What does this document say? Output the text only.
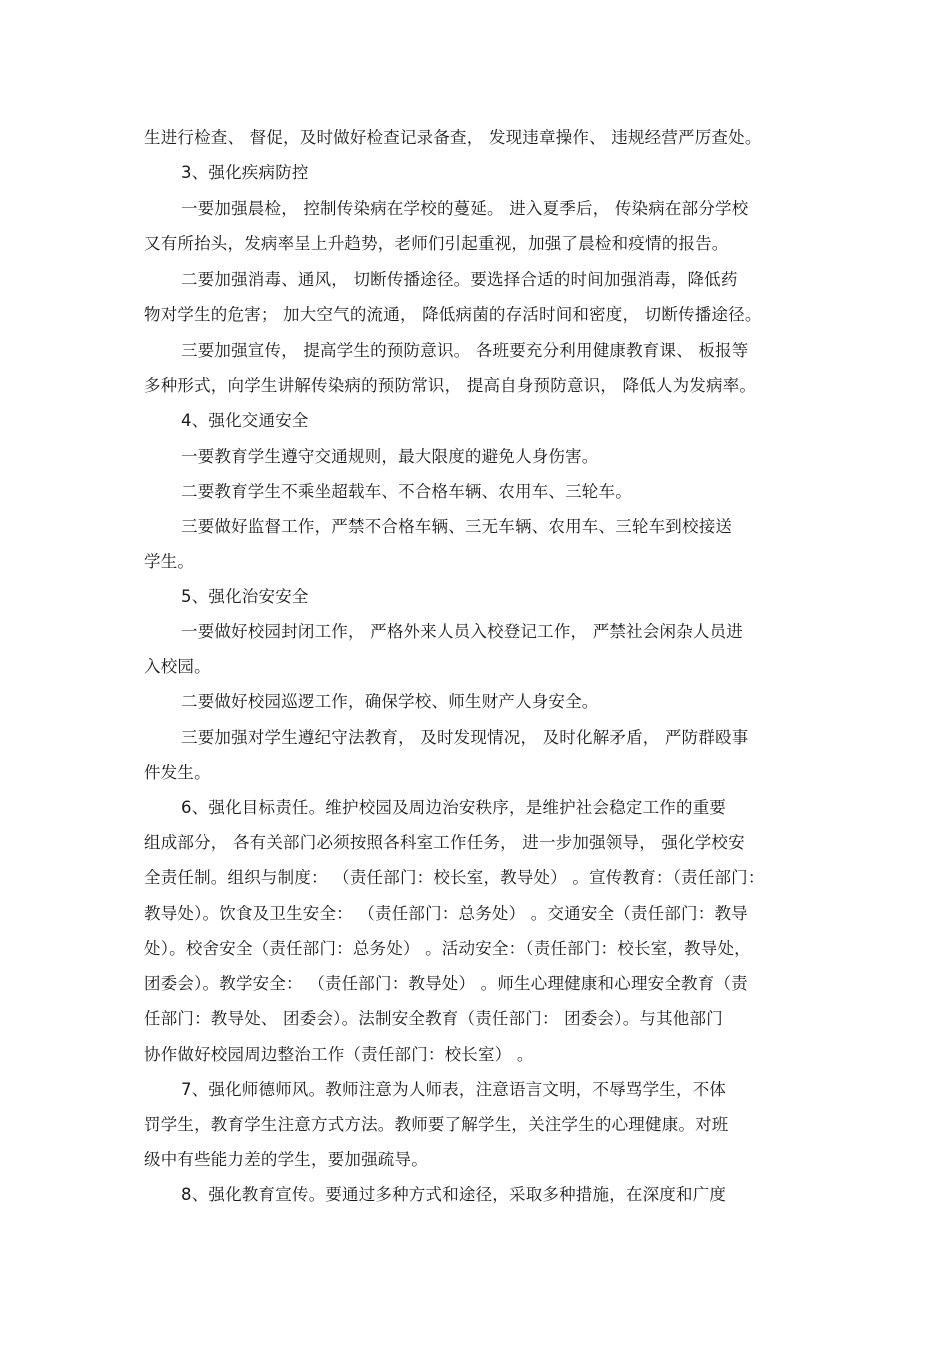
生进行检查、 督促，及时做好检查记录备查， 发现违章操作、 违规经营严厉查处。
3、强化疾病防控
一要加强晨检， 控制传染病在学校的蔓延。 进入夏季后， 传染病在部分学校
又有所抬头，发病率呈上升趋势，老师们引起重视，加强了晨检和疫情的报告。
二要加强消毒、通风， 切断传播途径。要选择合适的时间加强消毒，降低药
物对学生的危害； 加大空气的流通， 降低病菌的存活时间和密度， 切断传播途径。
三要加强宣传， 提高学生的预防意识。 各班要充分利用健康教育课、 板报等
多种形式，向学生讲解传染病的预防常识， 提高自身预防意识， 降低人为发病率。
4、强化交通安全
一要教育学生遵守交通规则，最大限度的避免人身伤害。
二要教育学生不乘坐超载车、不合格车辆、农用车、三轮车。
三要做好监督工作，严禁不合格车辆、三无车辆、农用车、三轮车到校接送
学生。
5、强化治安安全
一要做好校园封闭工作， 严格外来人员入校登记工作， 严禁社会闲杂人员进
入校园。
二要做好校园巡逻工作，确保学校、师生财产人身安全。
三要加强对学生遵纪守法教育， 及时发现情况， 及时化解矛盾， 严防群殴事
件发生。
6、强化目标责任。维护校园及周边治安秩序，是维护社会稳定工作的重要
组成部分， 各有关部门必须按照各科室工作任务， 进一步加强领导， 强化学校安
全责任制。组织与制度： （责任部门：校长室，教导处） 。宣传教育：（责任部门：
教导处）。饮食及卫生安全： （责任部门：总务处） 。交通安全（责任部门：教导
处）。校舍安全（责任部门：总务处） 。活动安全：（责任部门：校长室，教导处，
团委会）。教学安全： （责任部门：教导处） 。师生心理健康和心理安全教育（责
任部门：教导处、 团委会）。法制安全教育（责任部门： 团委会）。与其他部门
协作做好校园周边整治工作（责任部门：校长室） 。
7、强化师德师风。教师注意为人师表，注意语言文明，不辱骂学生，不体
罚学生，教育学生注意方式方法。教师要了解学生，关注学生的心理健康。对班
级中有些能力差的学生，要加强疏导。
8、强化教育宣传。要通过多种方式和途径，采取多种措施，在深度和广度
